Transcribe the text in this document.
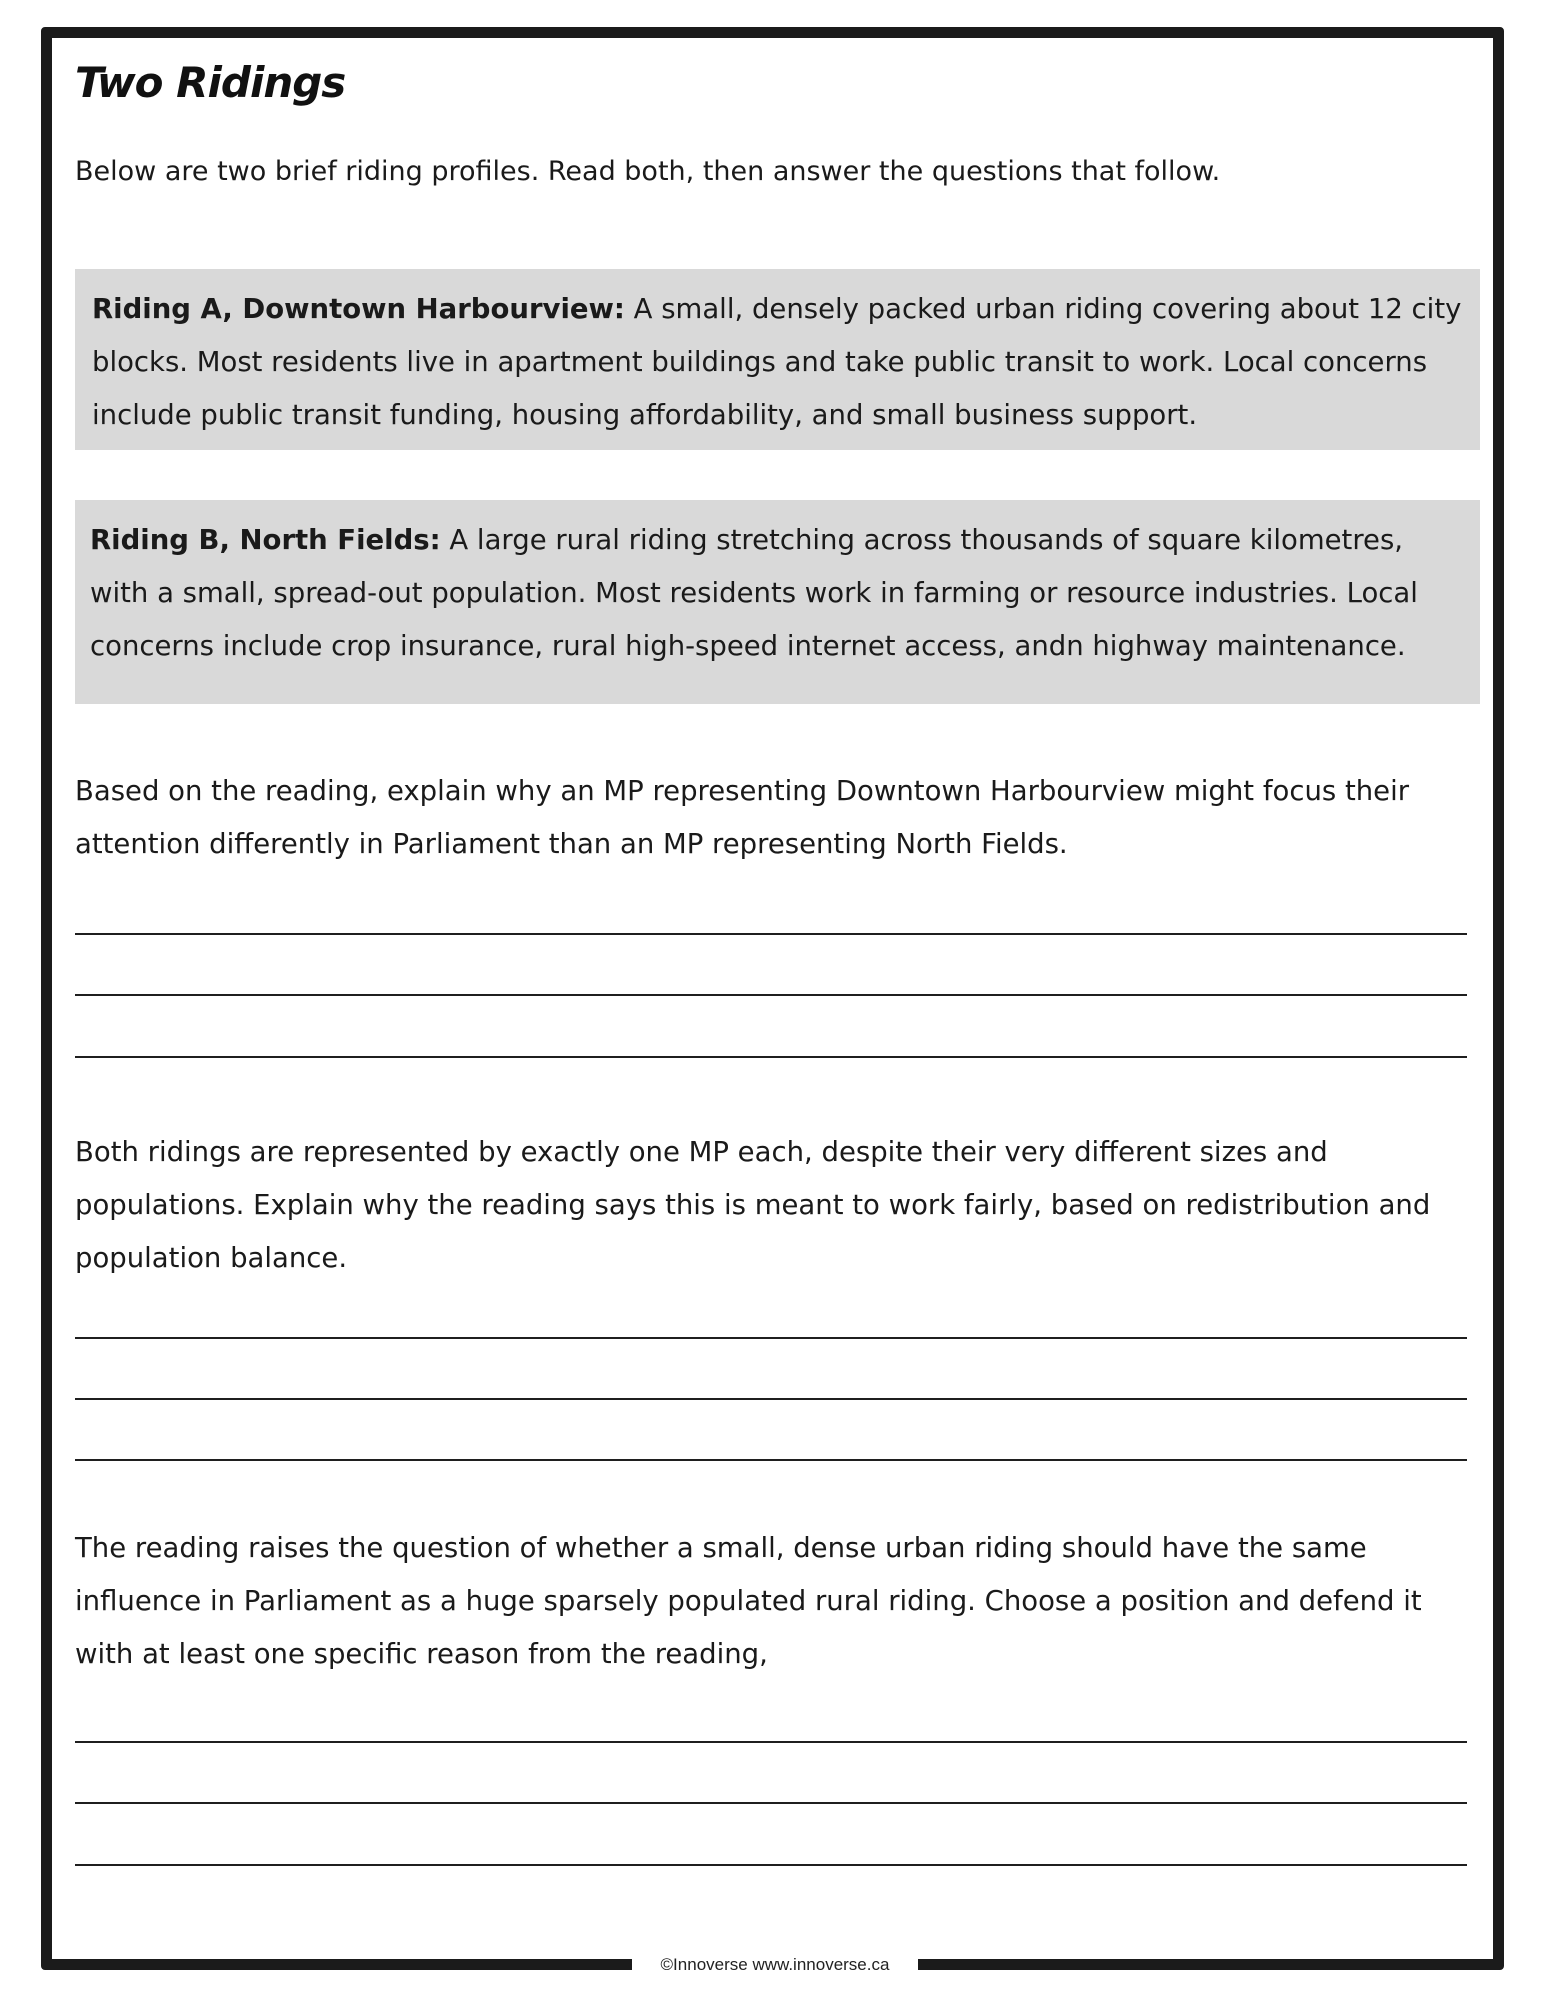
Two Ridings

Below are two brief riding profiles. Read both, then answer the questions that follow.

Riding A, Downtown Harbourview: A small, densely packed urban riding covering about 12 city blocks. Most residents live in apartment buildings and take public transit to work. Local concerns include public transit funding, housing affordability, and small business support.

Riding B, North Fields: A large rural riding stretching across thousands of square kilometres, with a small, spread-out population. Most residents work in farming or resource industries. Local concerns include crop insurance, rural high-speed internet access, andn highway maintenance.

Based on the reading, explain why an MP representing Downtown Harbourview might focus their attention differently in Parliament than an MP representing North Fields.

Both ridings are represented by exactly one MP each, despite their very different sizes and populations. Explain why the reading says this is meant to work fairly, based on redistribution and population balance.

The reading raises the question of whether a small, dense urban riding should have the same influence in Parliament as a huge sparsely populated rural riding. Choose a position and defend it with at least one specific reason from the reading,

©Innoverse www.innoverse.ca
